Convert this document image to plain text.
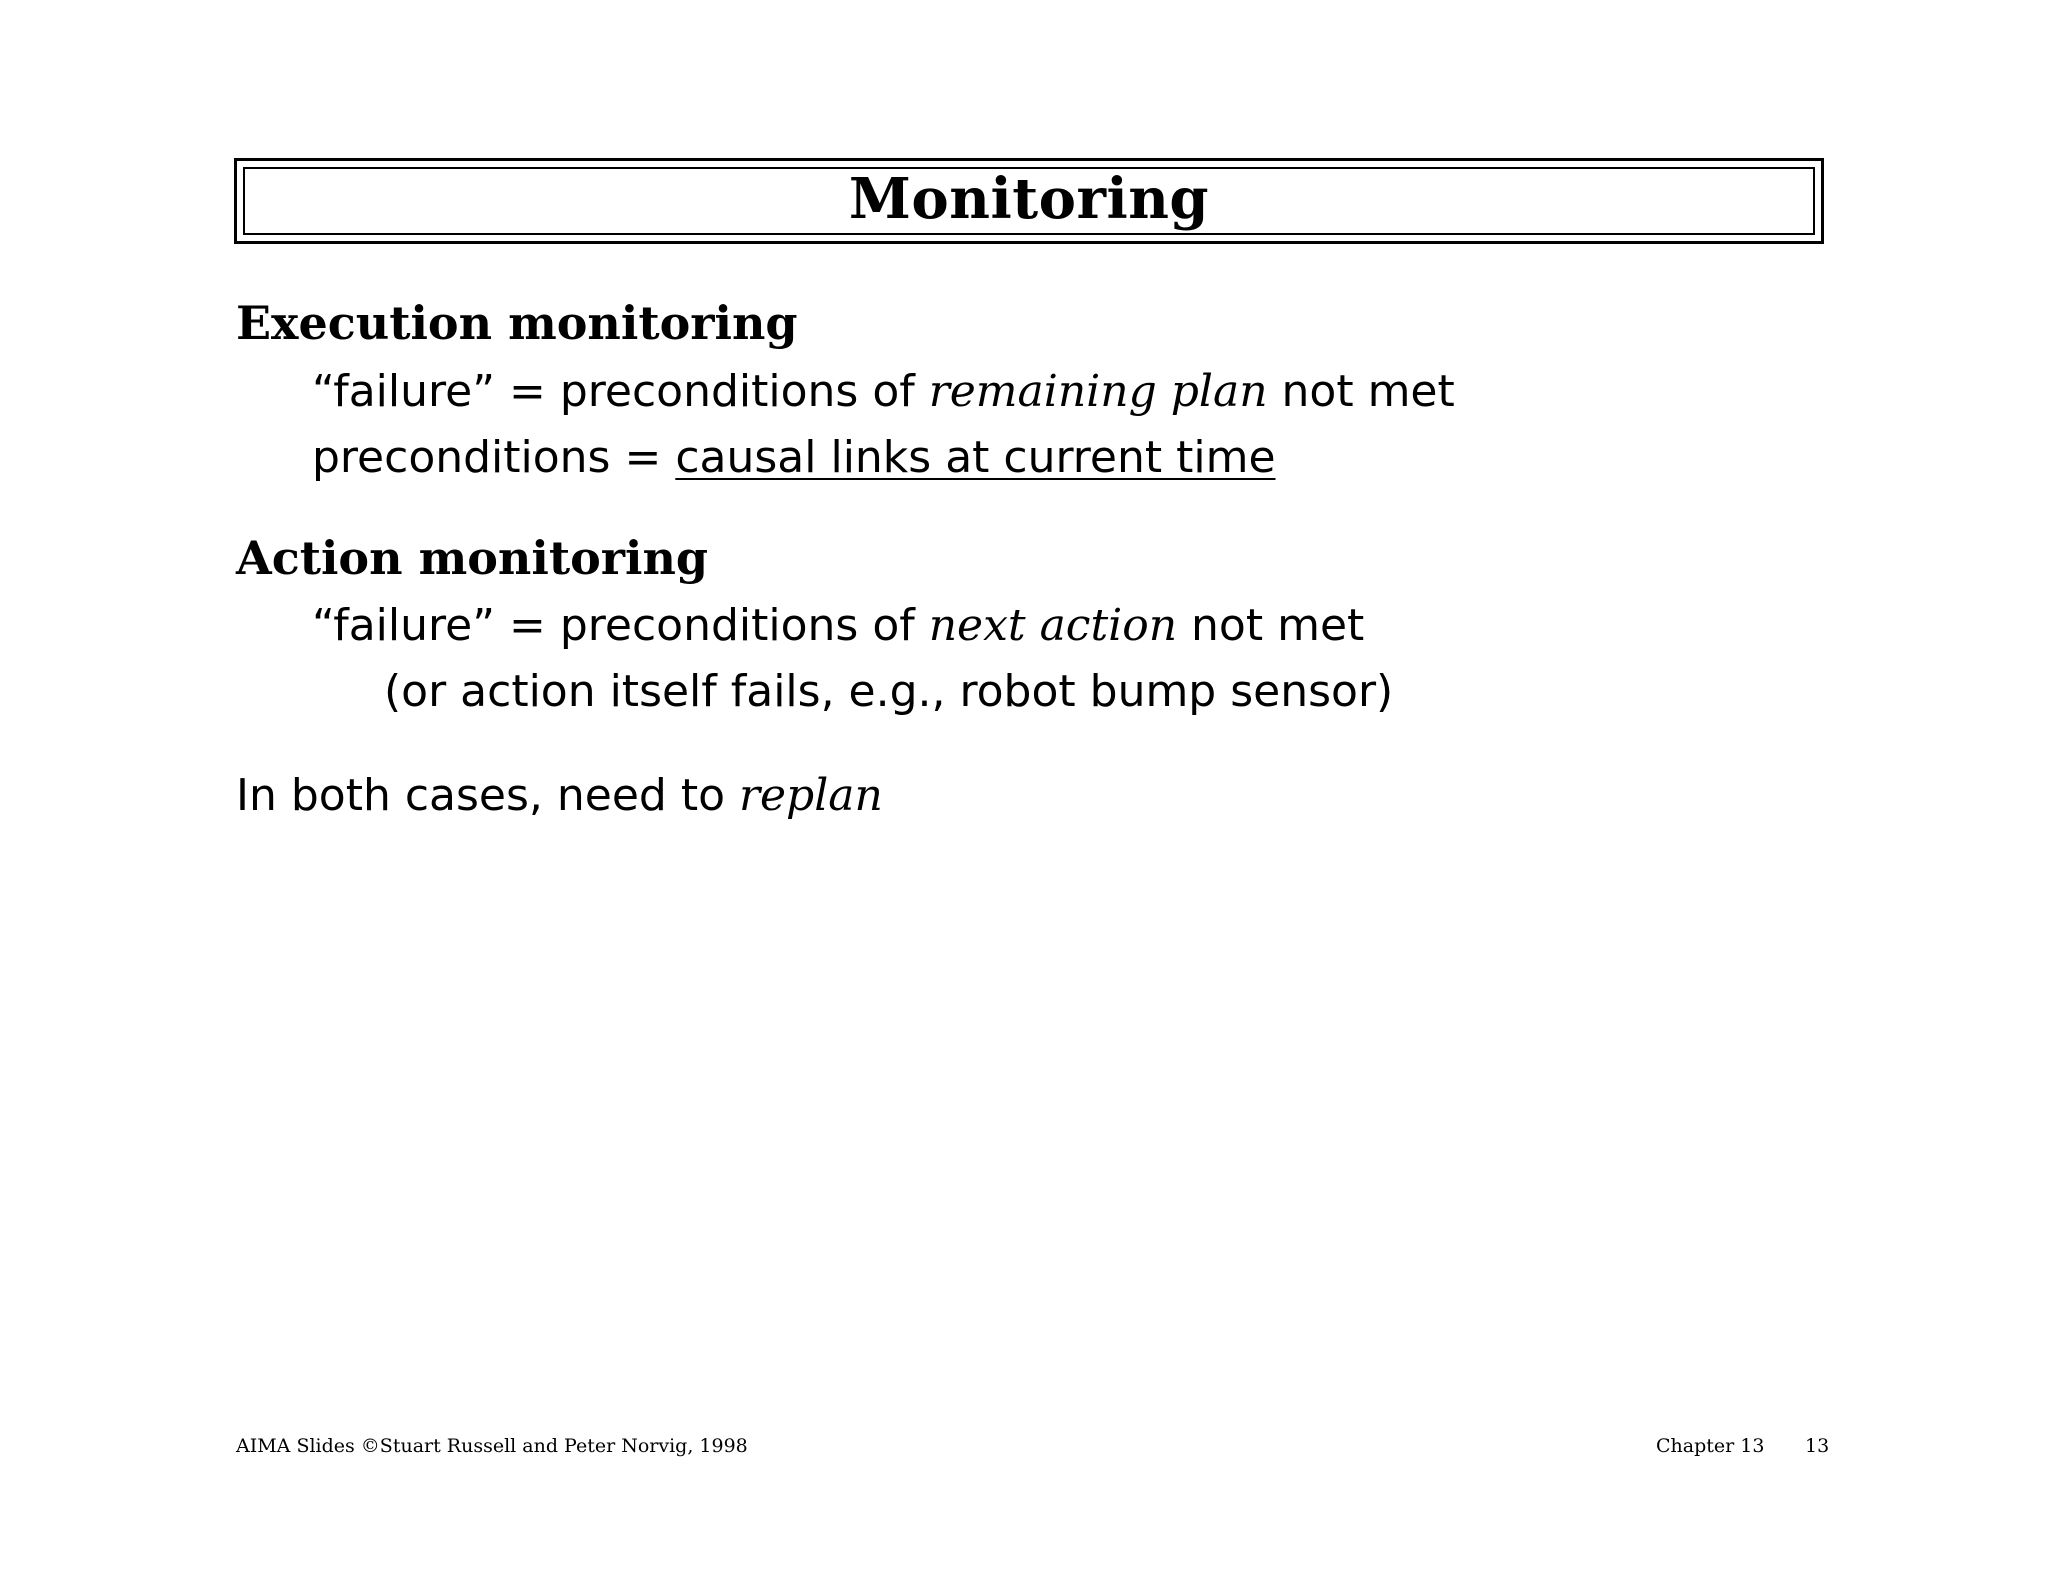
Monitoring
Execution monitoring
“failure” = preconditions of remaining plan not met
preconditions = causal links at current time
Action monitoring
“failure” = preconditions of next action not met
(or action itself fails, e.g., robot bump sensor)
In both cases, need to replan
AIMA Slides ©Stuart Russell and Peter Norvig, 1998	Chapter 13 13
